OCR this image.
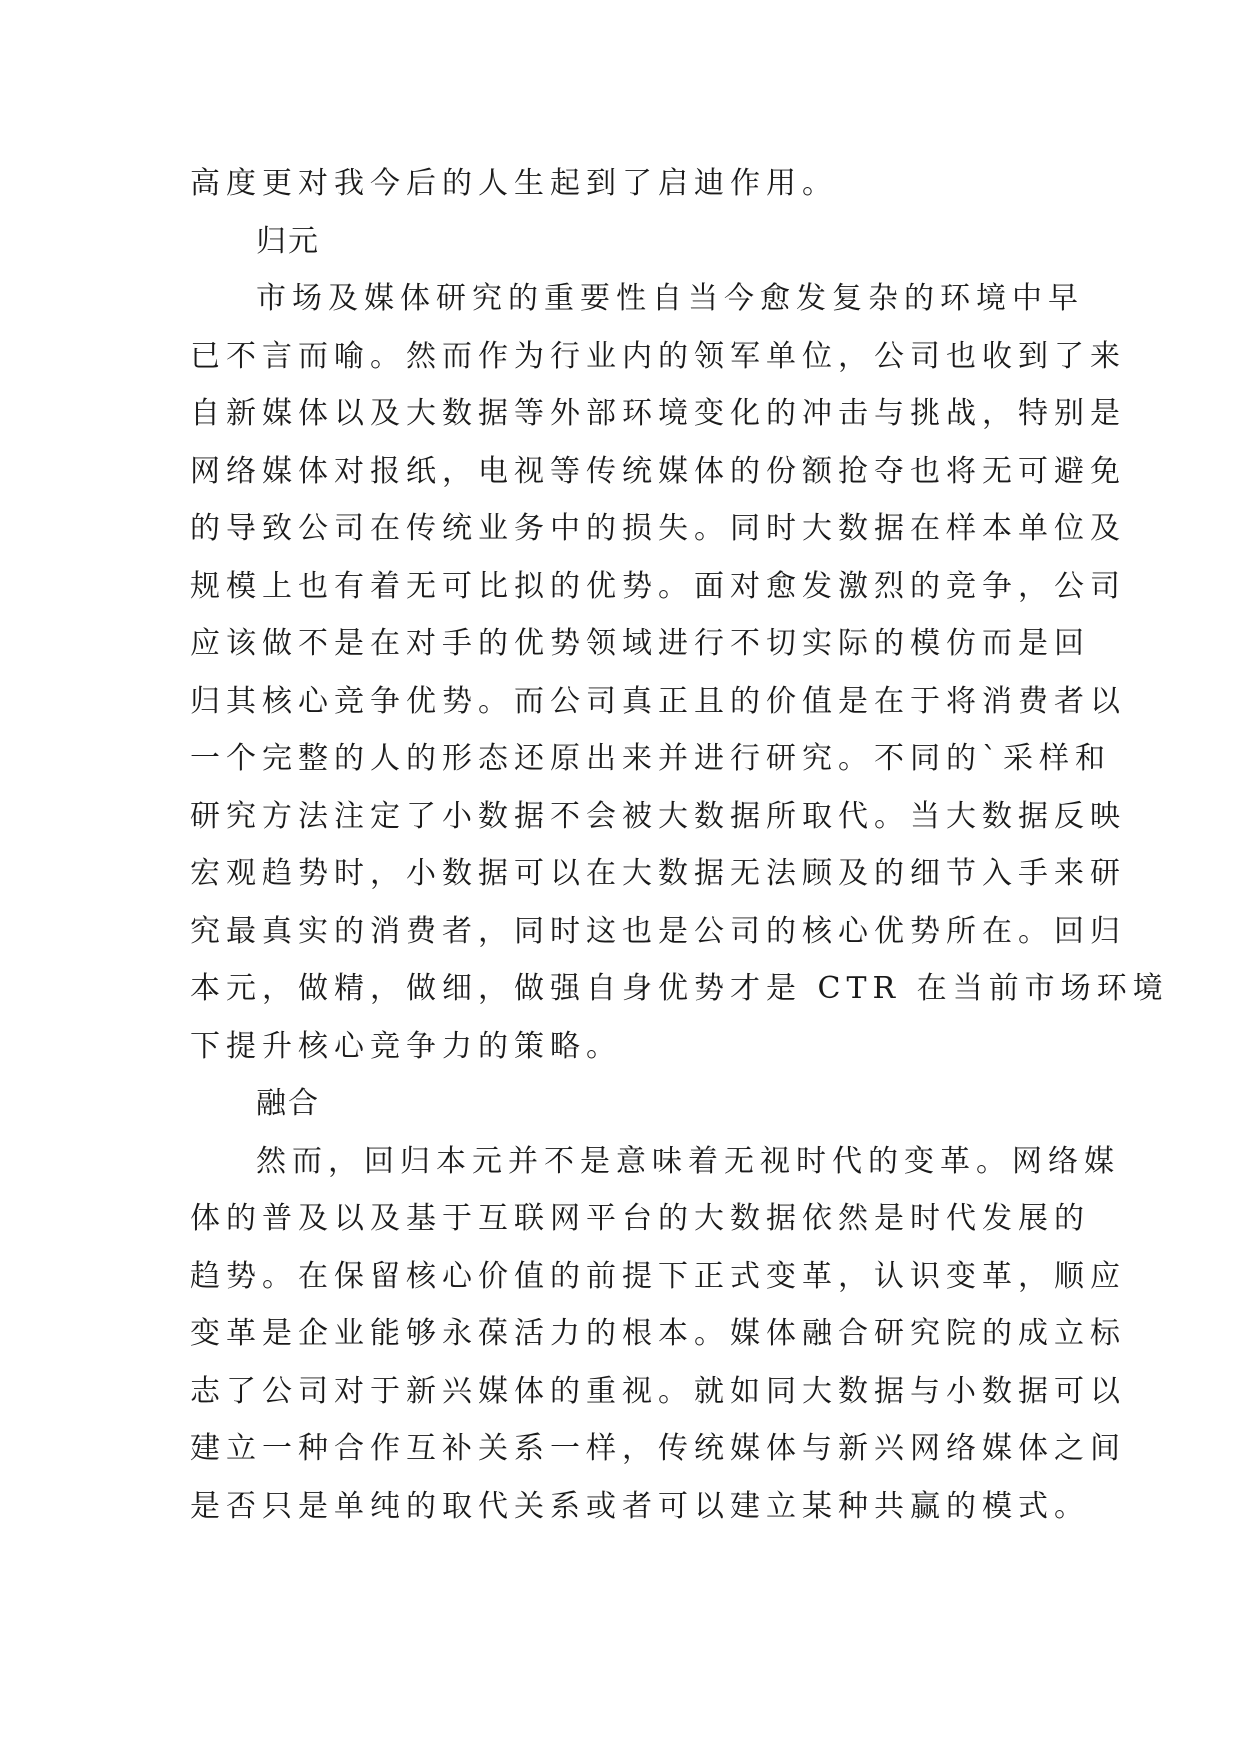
高度更对我今后的人生起到了启迪作用。
归元
市场及媒体研究的重要性自当今愈发复杂的环境中早
已不言而喻。然而作为行业内的领军单位，公司也收到了来
自新媒体以及大数据等外部环境变化的冲击与挑战，特别是
网络媒体对报纸，电视等传统媒体的份额抢夺也将无可避免
的导致公司在传统业务中的损失。同时大数据在样本单位及
规模上也有着无可比拟的优势。面对愈发激烈的竞争，公司
应该做不是在对手的优势领域进行不切实际的模仿而是回
归其核心竞争优势。而公司真正且的价值是在于将消费者以
一个完整的人的形态还原出来并进行研究。不同的`采样和
研究方法注定了小数据不会被大数据所取代。当大数据反映
宏观趋势时，小数据可以在大数据无法顾及的细节入手来研
究最真实的消费者，同时这也是公司的核心优势所在。回归
本元，做精，做细，做强自身优势才是 CTR 在当前市场环境
下提升核心竞争力的策略。
融合
然而，回归本元并不是意味着无视时代的变革。网络媒
体的普及以及基于互联网平台的大数据依然是时代发展的
趋势。在保留核心价值的前提下正式变革，认识变革，顺应
变革是企业能够永葆活力的根本。媒体融合研究院的成立标
志了公司对于新兴媒体的重视。就如同大数据与小数据可以
建立一种合作互补关系一样，传统媒体与新兴网络媒体之间
是否只是单纯的取代关系或者可以建立某种共赢的模式。
